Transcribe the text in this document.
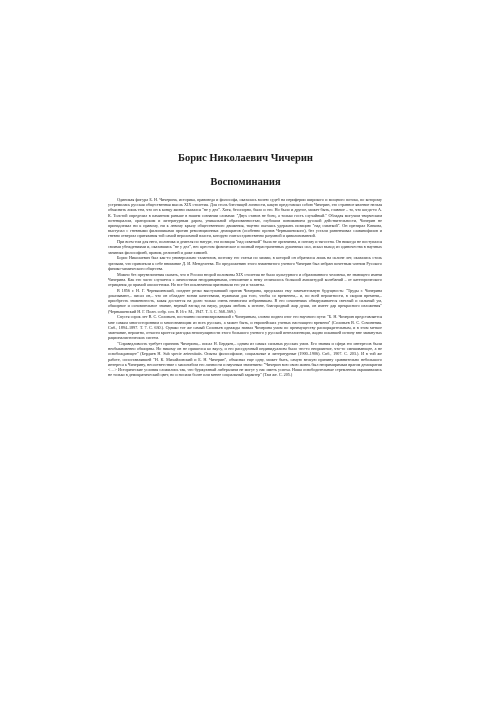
Борис Николаевич Чичерин
Воспоминания

Одинокая фигура Б. Н. Чичерина, историка, правоведа и философа, оказалась волею судеб на периферии широкого и мощного потока, по которому устремилась русская общественная мысль XIX столетия. Для столь блестящей личности, какую представлял собою Чичерин, это странное явление нельзя объяснить лишь тем, что он к концу жизни оказался "не у дел". Хотя, бесспорно, было и это. Но было и другое, может быть, главное – то, что когда-то А. К. Толстой определил в памятном раньше в нашем сознании словами: "Двух станов не боец, а только гость случайный." Обладая могучим творческим потенциалом, ораторским и литературным даром, уникальной образованностью, глубоким пониманием русской действительности, Чичерин не принадлежал ни к правому, ни к левому крылу общественного движения, тщетно пытаясь удержать позицию "над схваткой". Он презирал Каткова, выступал с гневными филиппиками против революционных демократов (особенно против Чернышевского), без устали развенчивал славянофилов и гневно отвергал притязания той самой вероломной власти, которую считал единственно разумной и цивилизованной.

При всем том для него, политика и деятеля по натуре, эта позиция "над схваткой" была не органична, и потому и тягостна. Он никогда не поступался своими убеждениями и, оказавшись "не у дел", нес крестом физическое и полный нерастраченных душевных сил, искал выход из одиночества в научных занятиях философией, правом, религией и даже химией.

Борис Николаевич был как-то универсально талантлив, поэтому его статьи по химии, в которой он обратился лишь на склоне лет, оказались столь зрелыми, что привлекли к себе внимание Д. И. Менделеева. По предложению этого знаменитого ученого Чичерин был избран почетным членом Русского физико-химического общества.

Можно без преувеличения сказать, что в России второй половины XIX столетия не было культурного и образованного человека, не знающего имени Чичерина. Как это часто случается с личностями неординарными, отношение к нему отличалось большой амплитудой колебаний – от категорического отрицания до прямой апологетики. Но все без исключения признавали его ум и таланты.

В 1856 г. Н. Г. Чернышевский, позднее резко выступавший против Чичерина, предсказал ему замечательную будущность: "Труды г. Чичерина доказывают,– писал он,– что он обладает всеми качествами, нужными для того, чтобы со временем,– и, по всей вероятности, в скором времени,– приобресть знаменитость, какая достается на долю только очень немногим избранникам. В его сочинениях обнаруживается светлый и сильный ум, обширное и основательное знание, верный взгляд на науку, редкая любовь к истине, благородный жар души, он имеет дар прекрасного изложения" (Чернышевский Н. Г. Полн. собр. соч. В 16 т. М., 1947. Т. 3. С. 568–569.)

Спустя сорок лет В. С. Соловьев, постоянно полемизировавший с Чичериным, словно подвел итог его научного пути: "Б. Н. Чичерин представляется мне самым многосторонним и многознающим из всех русских, а может быть, и европейских ученых настоящего времени" (Соловьев В. С. Сочинения. Спб., 1894–1897. Т. 7. С. 630.). Однако тот же самый Соловьев однажды назвал Чичерина умом по преимуществу распорядительным, и в этом меткое замечание, вероятно, отчасти кроется разгадка непопулярности этого большого ученого у русской интеллигенции, жадно искавшей истину вне замкнутых рационалистических систем.

"Справедливость требует признать Чичерина,– писал Н. Бердяев,– одним из самых сильных русских умов. Его знания и сфера его интересов были необыкновенно обширны. Но никому он не пришелся ко вкусу, и его рассудочный индивидуализм было что-то неприятное, что-то смешивающее, а не освобождающее" (Бердяев Н. Sub specie aeternitatis. Опыты философские, социальные и литературные (1900–1906). Спб., 1907. С. 203.). И в той же работе, сопоставлявшей "Н. К. Михайловский и Б. Н. Чичерин", объяснял еще одну, может быть, самую вескую причину сравнительно небольшого интереса к Чичерину, несоответствие с масштабом его личности и научным значением: "Чичерин всю свою жизнь был непримиримым врагом демократии <…> Исторические условия сложились так, что буржуазный либерализм не могут у нас иметь успеха. Наша освободительные стремления окрашивались не только в демократический цвет, но и носили более или менее социальный характер" (Там же. С. 205.)
